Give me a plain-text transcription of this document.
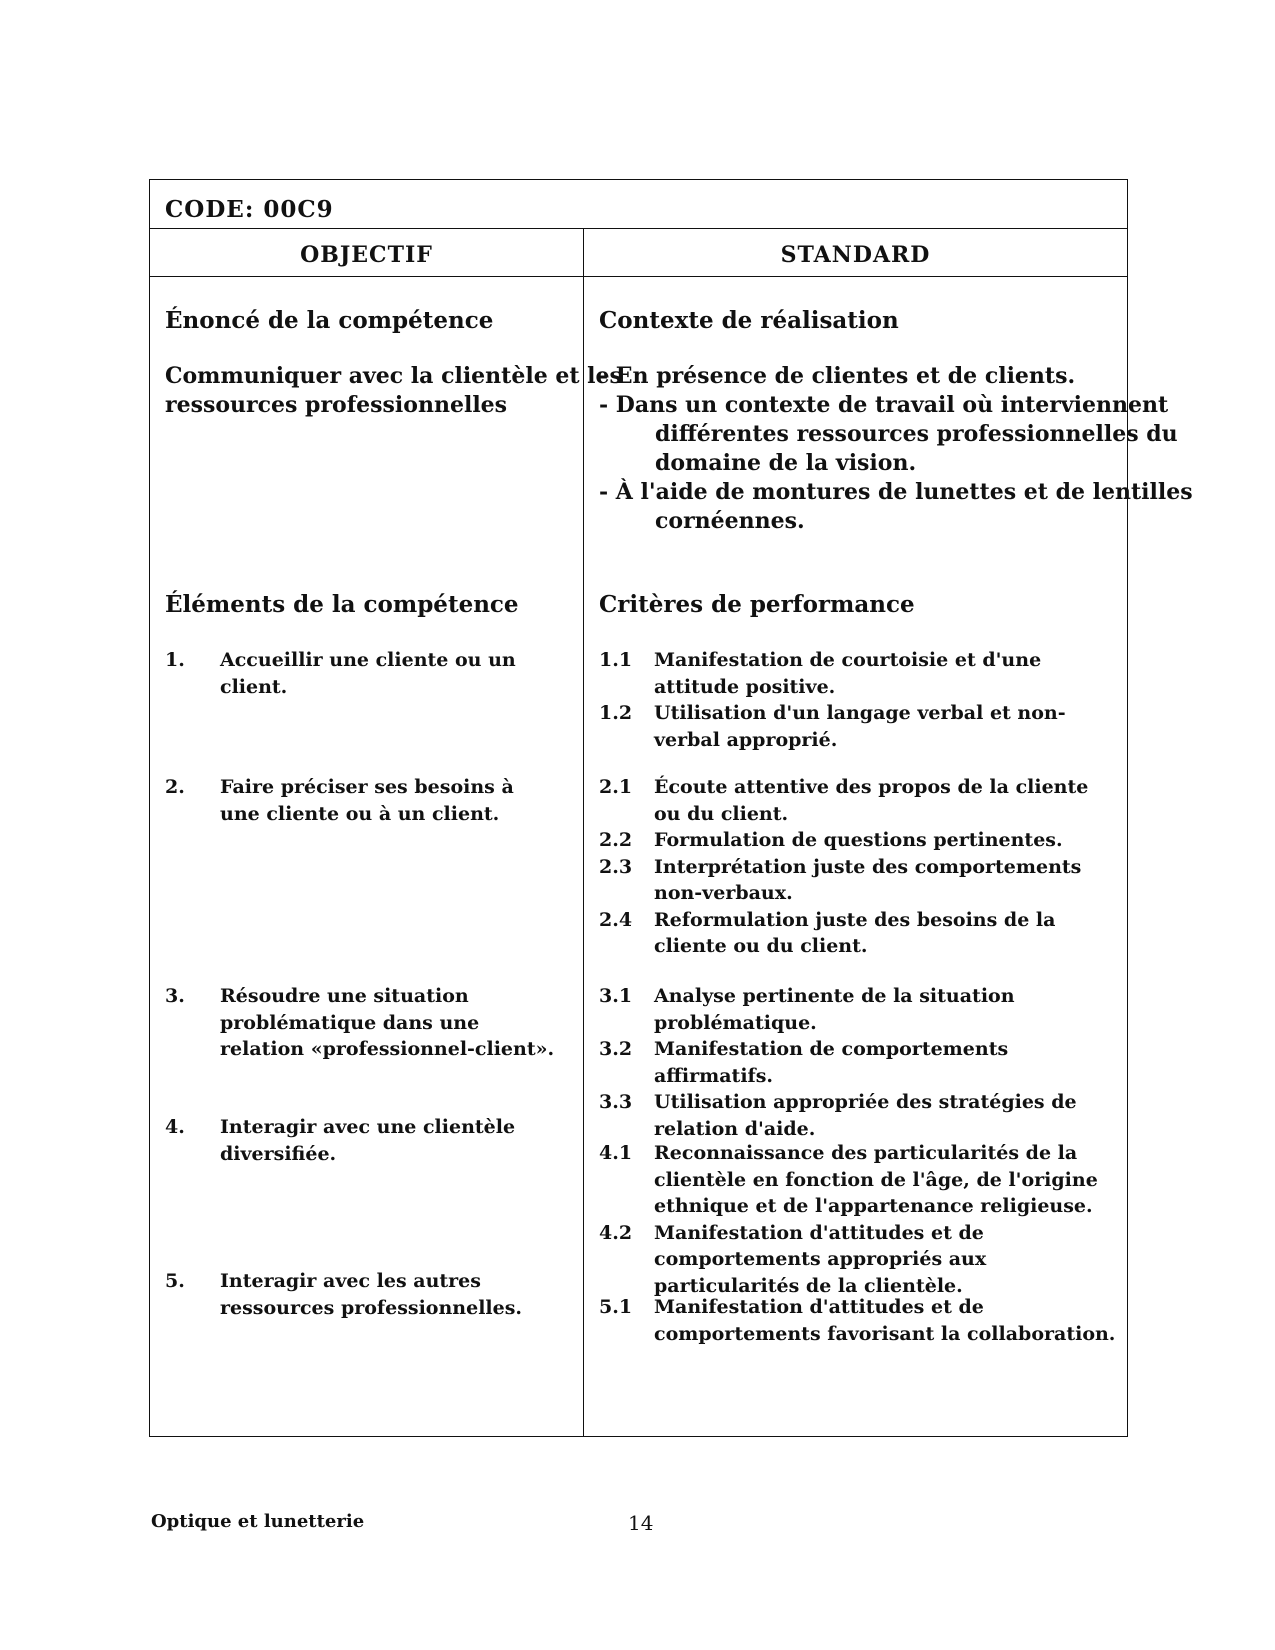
CODE: 00C9
OBJECTIF	STANDARD
Énoncé de la compétence
Communiquer avec la clientèle et les
ressources professionnelles
Éléments de la compétence
1.	Accueillir une cliente ou un client.
2.	Faire préciser ses besoins à une cliente ou à un client.
3.	Résoudre une situation problématique dans une relation «professionnel-client».
4.	Interagir avec une clientèle diversifiée.
5.	Interagir avec les autres ressources professionnelles.
Contexte de réalisation
- En présence de clientes et de clients.
- Dans un contexte de travail où interviennent
différentes ressources professionnelles du
domaine de la vision.
- À l'aide de montures de lunettes et de lentilles
cornéennes.
Critères de performance
1.1	Manifestation de courtoisie et d'une attitude positive.
1.2	Utilisation d'un langage verbal et non-verbal approprié.
2.1	Écoute attentive des propos de la cliente ou du client.
2.2	Formulation de questions pertinentes.
2.3	Interprétation juste des comportements non-verbaux.
2.4	Reformulation juste des besoins de la cliente ou du client.
3.1	Analyse pertinente de la situation problématique.
3.2	Manifestation de comportements affirmatifs.
3.3	Utilisation appropriée des stratégies de relation d'aide.
4.1	Reconnaissance des particularités de la clientèle en fonction de l'âge, de l'origine ethnique et de l'appartenance religieuse.
4.2	Manifestation d'attitudes et de comportements appropriés aux particularités de la clientèle.
5.1	Manifestation d'attitudes et de comportements favorisant la collaboration.
Optique et lunetterie	14
